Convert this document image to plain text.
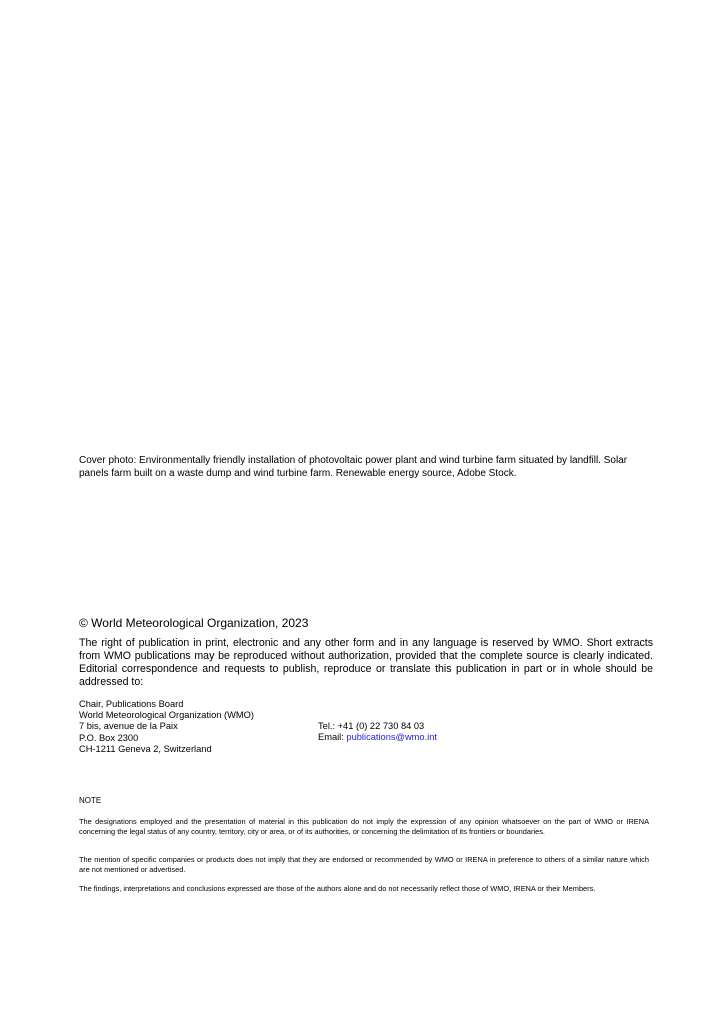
Cover photo: Environmentally friendly installation of photovoltaic power plant and wind turbine farm situated by landfill. Solar panels farm built on a waste dump and wind turbine farm. Renewable energy source, Adobe Stock.
© World Meteorological Organization, 2023
The right of publication in print, electronic and any other form and in any language is reserved by WMO. Short extracts from WMO publications may be reproduced without authorization, provided that the complete source is clearly indicated. Editorial correspondence and requests to publish, reproduce or translate this publication in part or in whole should be addressed to:
Chair, Publications Board
World Meteorological Organization (WMO)
7 bis, avenue de la Paix
P.O. Box 2300
CH-1211 Geneva 2, Switzerland
Tel.: +41 (0) 22 730 84 03
Email: publications@wmo.int
NOTE
The designations employed and the presentation of material in this publication do not imply the expression of any opinion whatsoever on the part of WMO or IRENA concerning the legal status of any country, territory, city or area, or of its authorities, or concerning the delimitation of its frontiers or boundaries.
The mention of specific companies or products does not imply that they are endorsed or recommended by WMO or IRENA in preference to others of a similar nature which are not mentioned or advertised.
The findings, interpretations and conclusions expressed are those of the authors alone and do not necessarily reflect those of WMO, IRENA or their Members.
